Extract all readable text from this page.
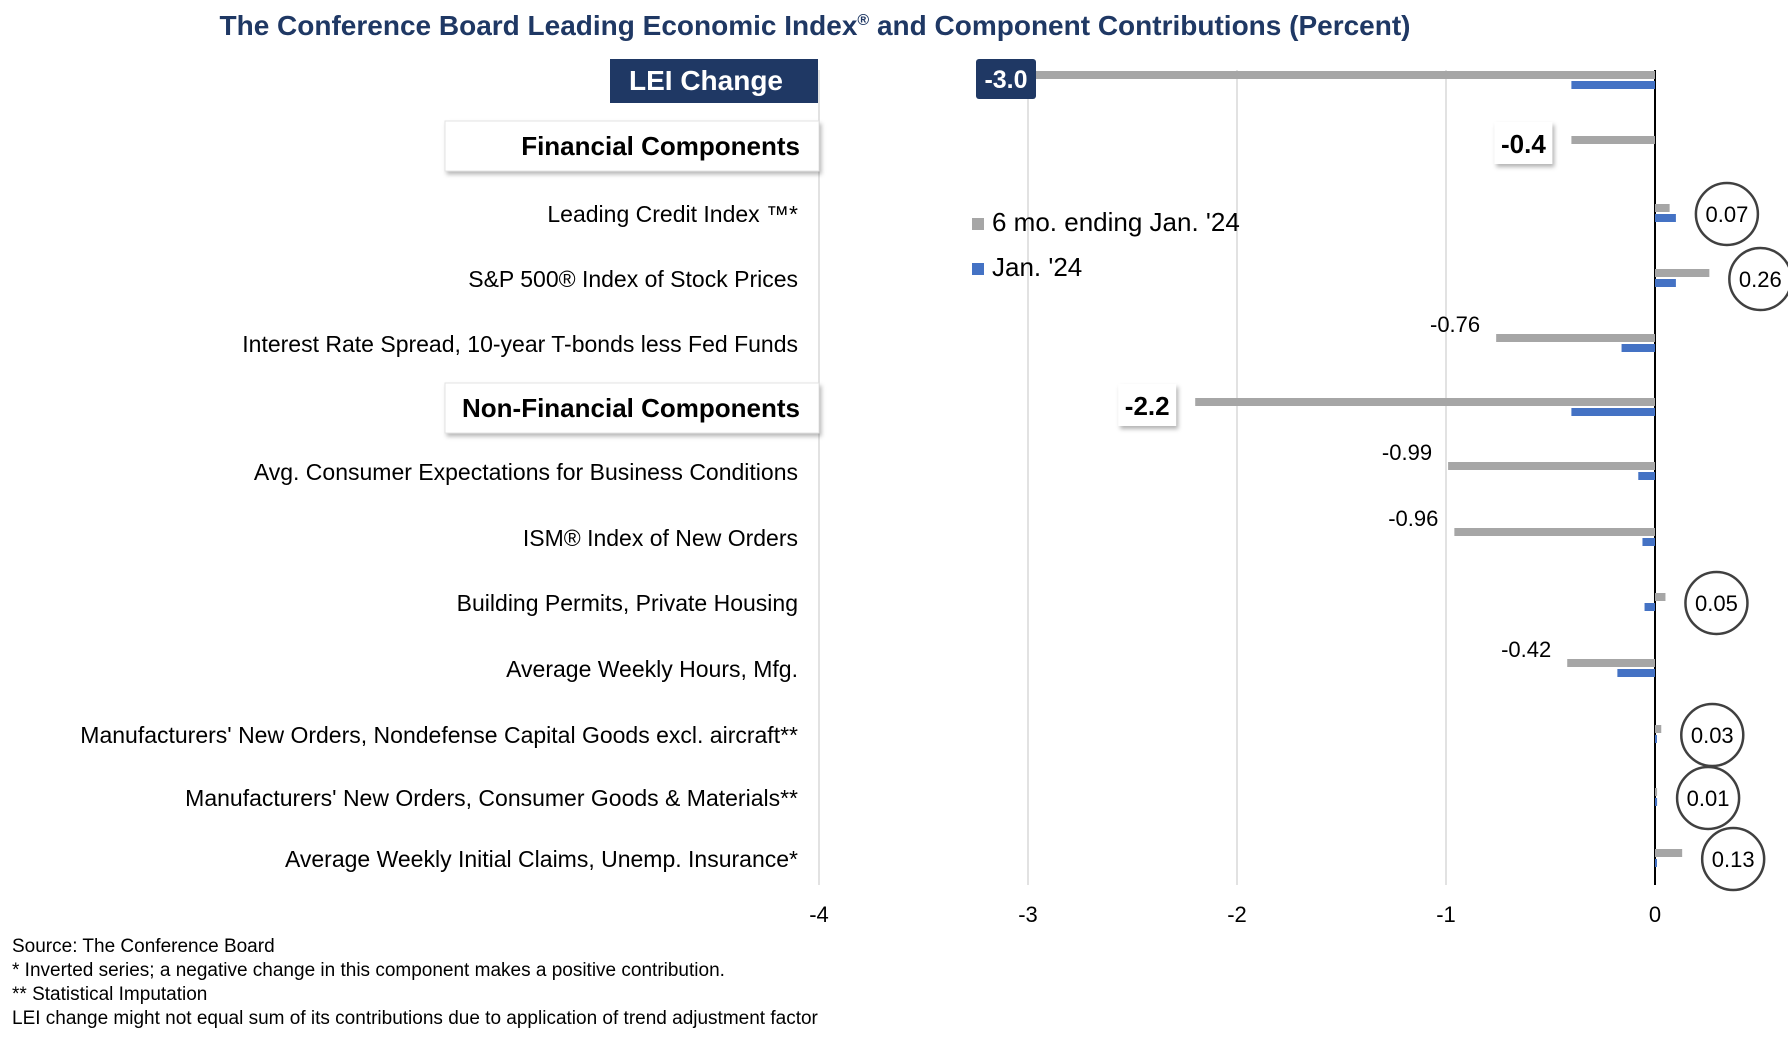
The Conference Board Leading Economic Index® and Component Contributions (Percent)
LEI Change
Financial Components
Leading Credit Index ™*
S&P 500® Index of Stock Prices
Interest Rate Spread, 10-year T-bonds less Fed Funds
Non-Financial Components
Avg. Consumer Expectations for Business Conditions
ISM® Index of New Orders
Building Permits, Private Housing
Average Weekly Hours, Mfg.
Manufacturers' New Orders, Nondefense Capital Goods excl. aircraft**
Manufacturers' New Orders, Consumer Goods & Materials**
Average Weekly Initial Claims, Unemp. Insurance*
-4	-3	-2	-1	0
6 mo. ending Jan. '24
Jan. '24
-3.0
-0.4
0.07
0.26
-0.76
-2.2
-0.99
-0.96
0.05
-0.42
0.03
0.01
0.13
Source: The Conference Board
* Inverted series; a negative change in this component makes a positive contribution.
** Statistical Imputation
LEI change might not equal sum of its contributions due to application of trend adjustment factor
